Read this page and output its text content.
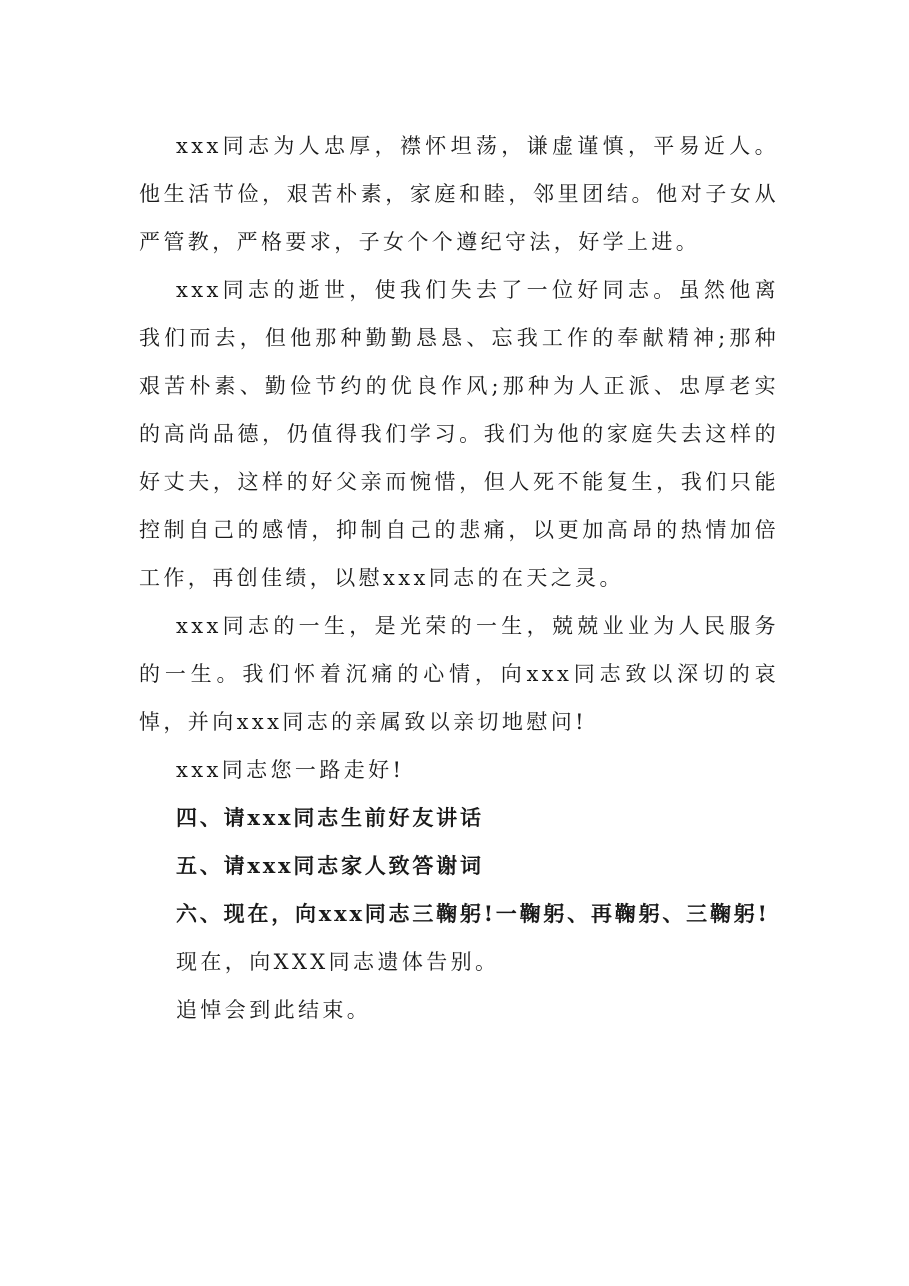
xxx同志为人忠厚，襟怀坦荡，谦虚谨慎，平易近人。他生活节俭，艰苦朴素，家庭和睦，邻里团结。他对子女从严管教，严格要求，子女个个遵纪守法，好学上进。

xxx同志的逝世，使我们失去了一位好同志。虽然他离我们而去，但他那种勤勤恳恳、忘我工作的奉献精神;那种艰苦朴素、勤俭节约的优良作风;那种为人正派、忠厚老实的高尚品德，仍值得我们学习。我们为他的家庭失去这样的好丈夫，这样的好父亲而惋惜，但人死不能复生，我们只能控制自己的感情，抑制自己的悲痛，以更加高昂的热情加倍工作，再创佳绩，以慰xxx同志的在天之灵。

xxx同志的一生，是光荣的一生，兢兢业业为人民服务的一生。我们怀着沉痛的心情，向xxx同志致以深切的哀悼，并向xxx同志的亲属致以亲切地慰问!

xxx同志您一路走好!

四、请xxx同志生前好友讲话

五、请xxx同志家人致答谢词

六、现在，向xxx同志三鞠躬!一鞠躬、再鞠躬、三鞠躬!

现在，向XXX同志遗体告别。

追悼会到此结束。
